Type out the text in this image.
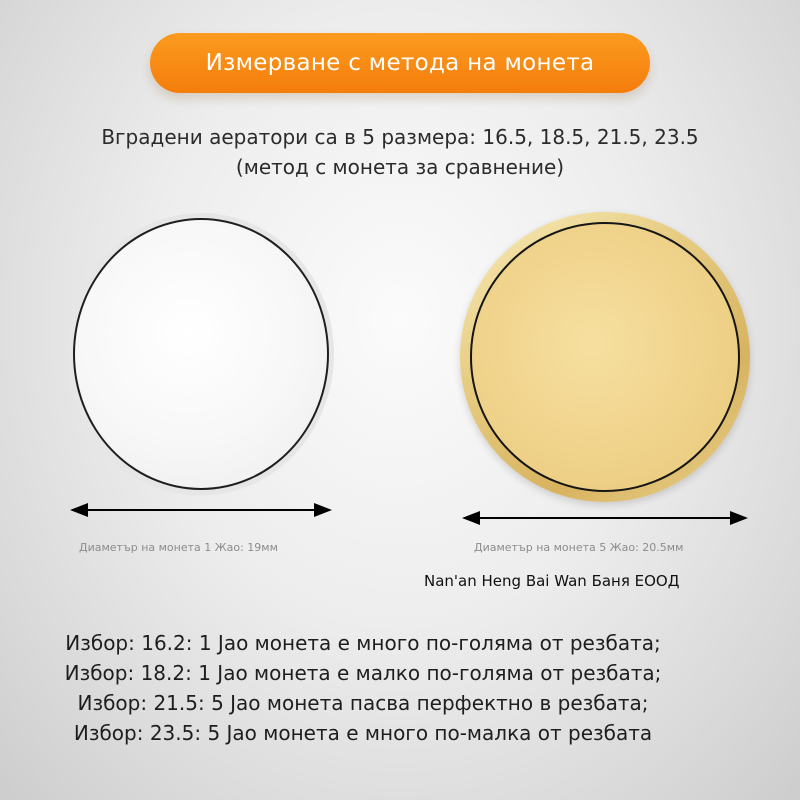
Измерване с метода на монета
Вградени аератори са в 5 размера: 16.5, 18.5, 21.5, 23.5
(метод с монета за сравнение)
Диаметър на монета 1 Жао: 19мм	Диаметър на монета 5 Жао: 20.5мм
Nan'an Heng Bai Wan Баня ЕООД
Избор: 16.2: 1 Jao монета е много по-голяма от резбата;
Избор: 18.2: 1 Jao монета е малко по-голяма от резбата;
Избор: 21.5: 5 Jao монета пасва перфектно в резбата;
Избор: 23.5: 5 Jao монета е много по-малка от резбата
